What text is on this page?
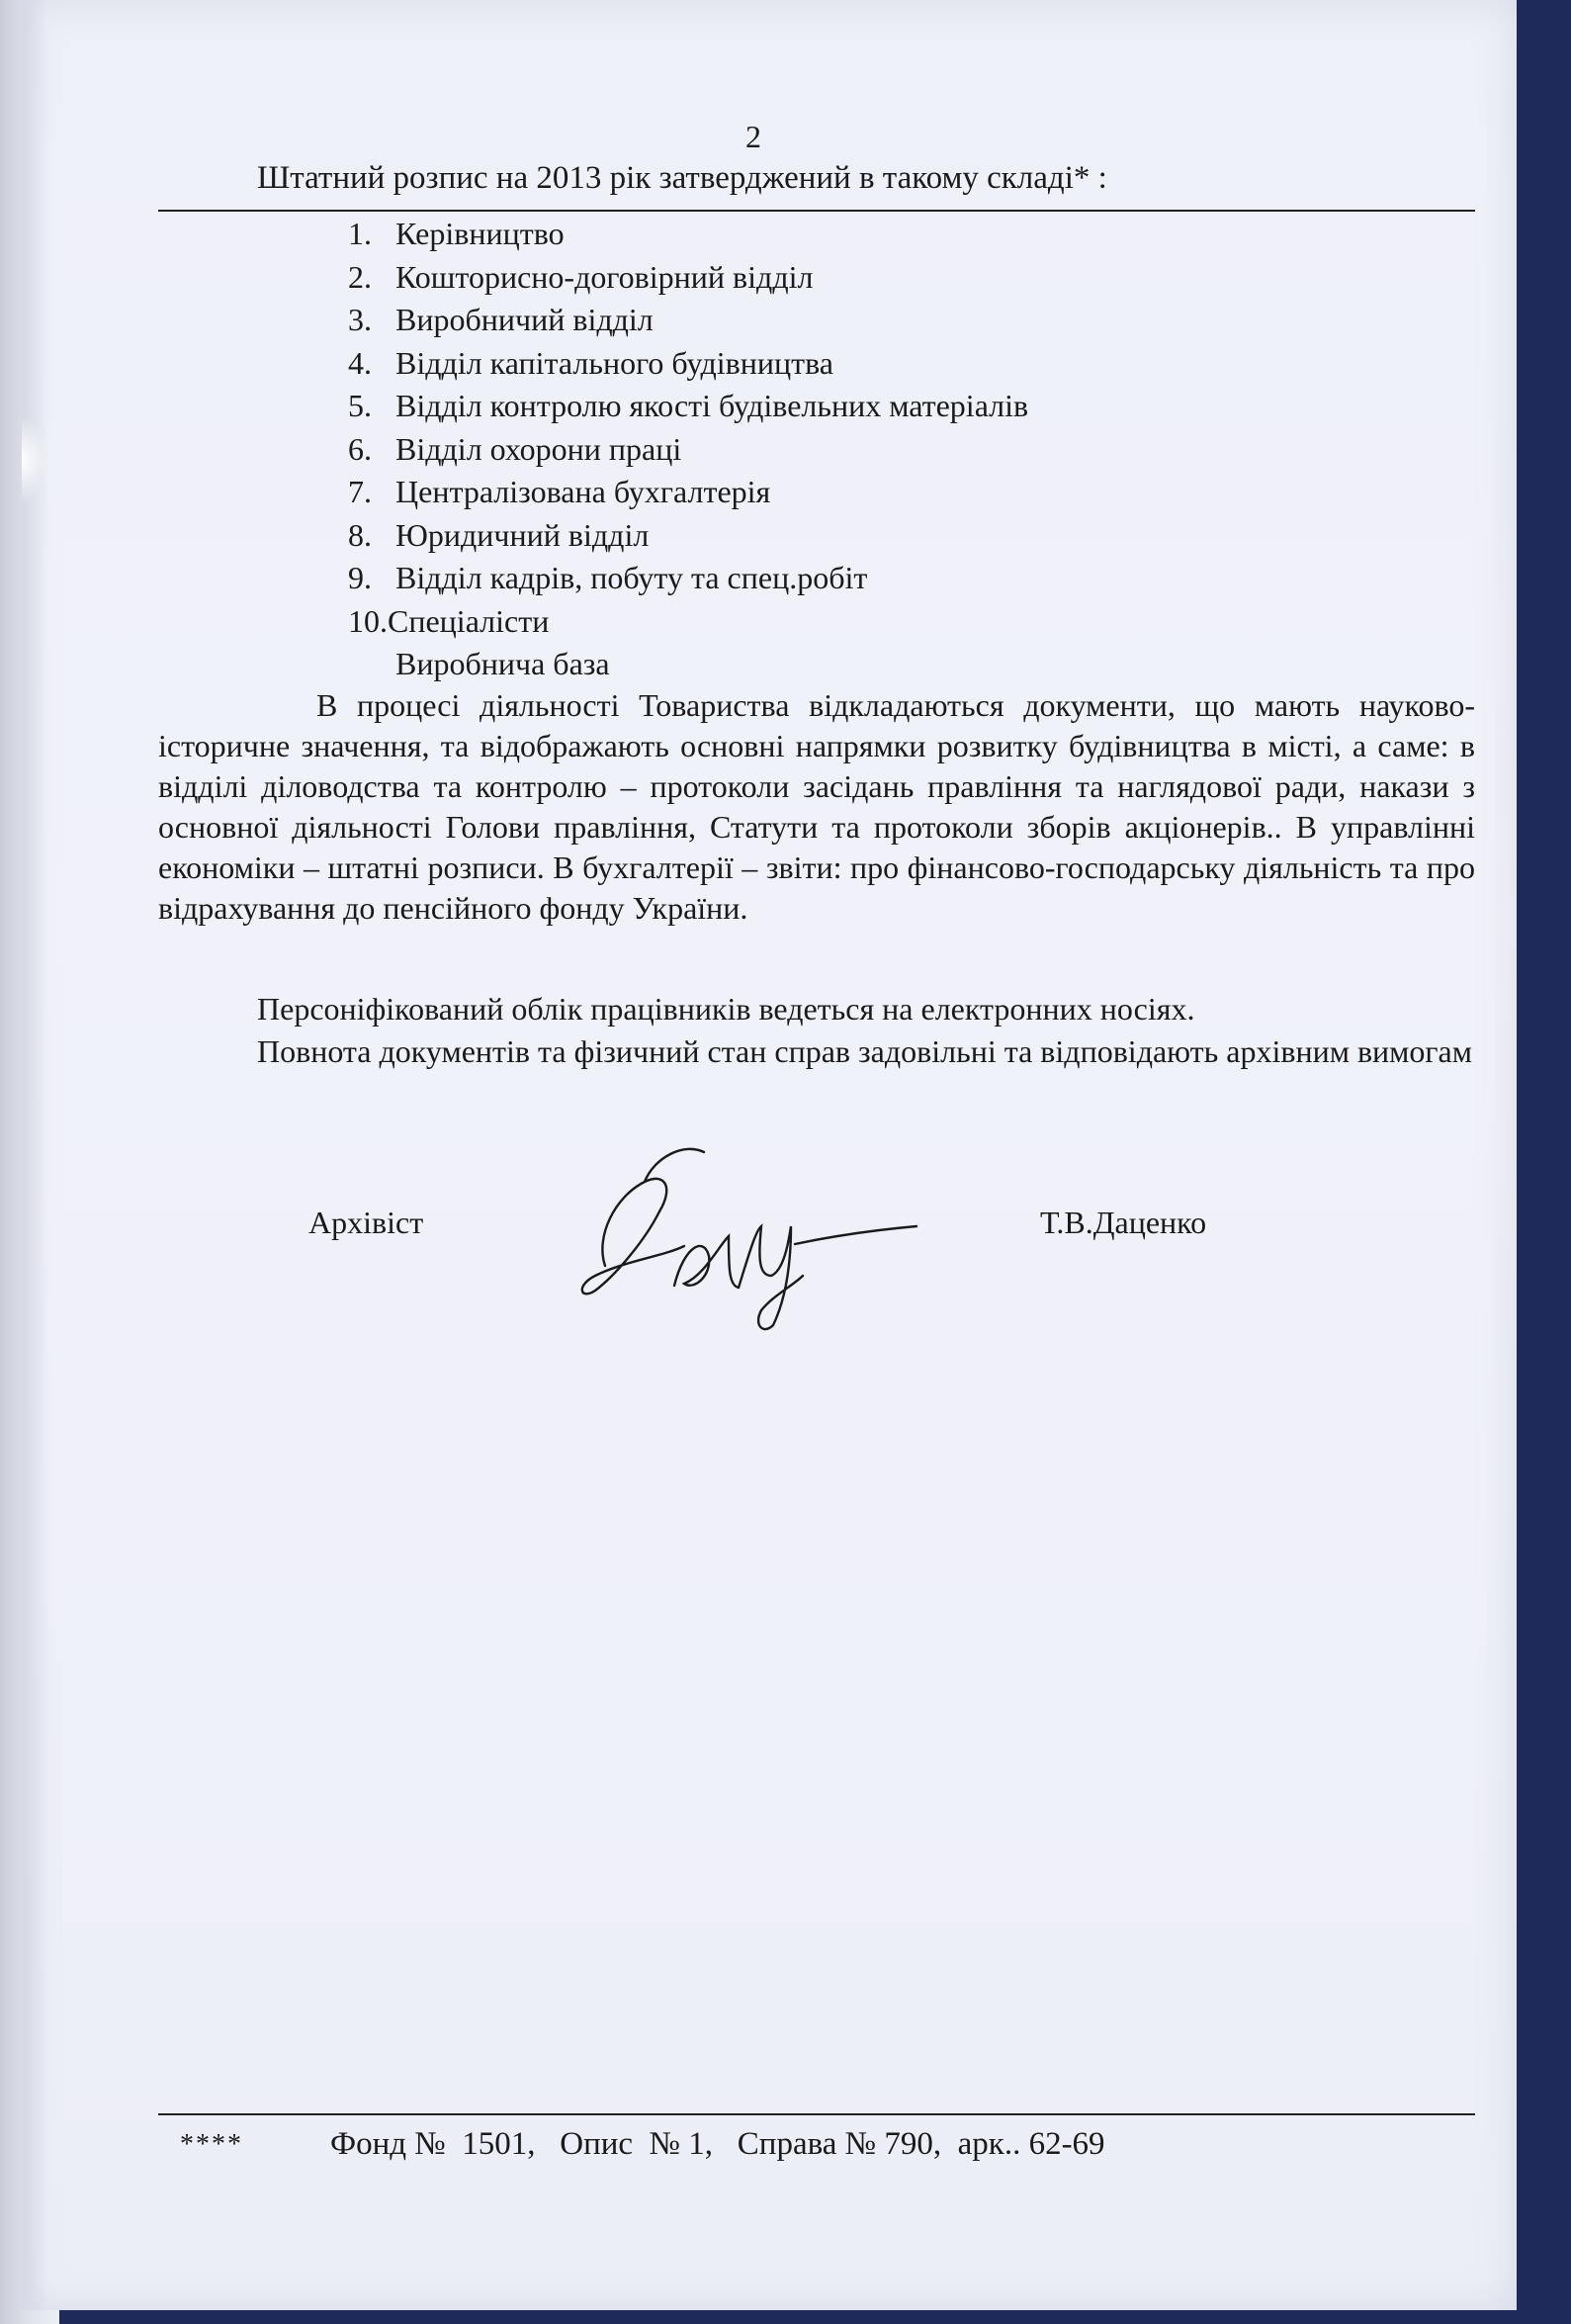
2
Штатний розпис на 2013 рік затверджений в такому складі* :
1. Керівництво
2. Кошторисно-договірний відділ
3. Виробничий відділ
4. Відділ капітального будівництва
5. Відділ контролю якості будівельних матеріалів
6. Відділ охорони праці
7. Централізована бухгалтерія
8. Юридичний відділ
9. Відділ кадрів, побуту та спец.робіт
10.Спеціалісти
Виробнича база

В процесі діяльності Товариства відкладаються документи, що мають науково-історичне значення, та відображають основні напрямки розвитку будівництва в місті, а саме: в відділі діловодства та контролю – протоколи засідань правління та наглядової ради, накази з основної діяльності Голови правління, Статути та протоколи зборів акціонерів.. В управлінні економіки – штатні розписи. В бухгалтерії – звіти: про фінансово-господарську діяльність та про відрахування до пенсійного фонду України.

Персоніфікований облік працівників ведеться на електронних носіях.

Повнота документів та фізичний стан справ задовільні та відповідають архівним вимогам

Архівіст	Т.В.Даценко
****	Фонд №  1501,   Опис  № 1,   Справа № 790,  арк.. 62-69
